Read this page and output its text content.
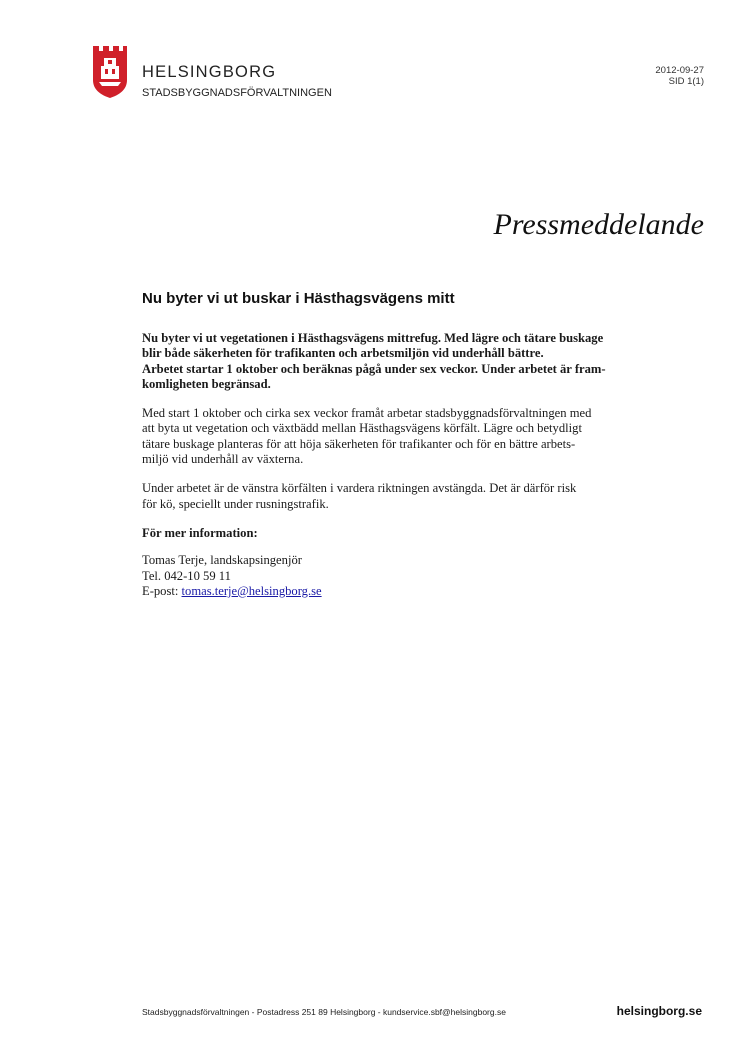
HELSINGBORG
STADSBYGGNADSFÖRVALTNINGEN
2012-09-27
SID 1(1)
Pressmeddelande
Nu byter vi ut buskar i Hästhagsvägens mitt

Nu byter vi ut vegetationen i Hästhagsvägens mittrefug. Med lägre och tätare buskage
blir både säkerheten för trafikanten och arbetsmiljön vid underhåll bättre.
Arbetet startar 1 oktober och beräknas pågå under sex veckor. Under arbetet är fram-
komligheten begränsad.

Med start 1 oktober och cirka sex veckor framåt arbetar stadsbyggnadsförvaltningen med
att byta ut vegetation och växtbädd mellan Hästhagsvägens körfält. Lägre och betydligt
tätare buskage planteras för att höja säkerheten för trafikanter och för en bättre arbets-
miljö vid underhåll av växterna.

Under arbetet är de vänstra körfälten i vardera riktningen avstängda. Det är därför risk
för kö, speciellt under rusningstrafik.

För mer information:

Tomas Terje, landskapsingenjör
Tel. 042-10 59 11
E-post: tomas.terje@helsingborg.se

Stadsbyggnadsförvaltningen - Postadress 251 89 Helsingborg - kundservice.sbf@helsingborg.se	helsingborg.se
